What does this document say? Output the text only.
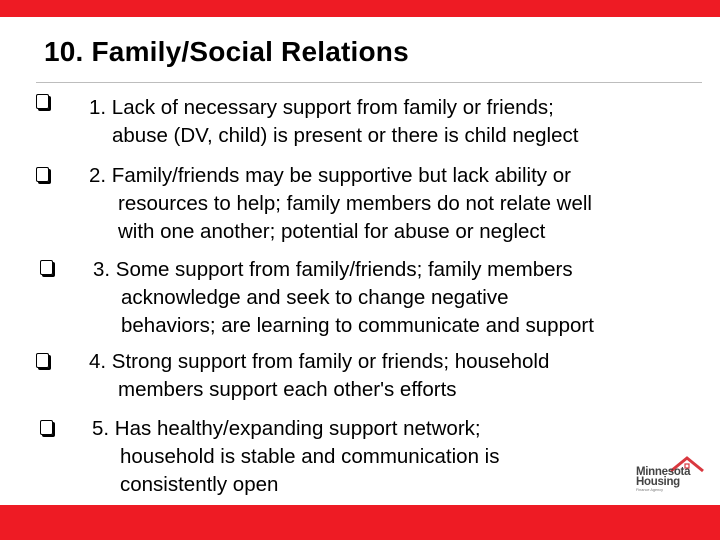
10. Family/Social Relations
1. Lack of necessary support from family or friends;
abuse (DV, child) is present or there is child neglect
2. Family/friends may be supportive but lack ability or
resources to help; family members do not relate well
with one another; potential for abuse or neglect
3. Some support from family/friends; family members
acknowledge and seek to change negative
behaviors; are learning to communicate and support
4. Strong support from family or friends; household
members support each other's efforts
5. Has healthy/expanding support network;
household is stable and communication is
consistently open
Minnesota
Housing
Finance Agency
